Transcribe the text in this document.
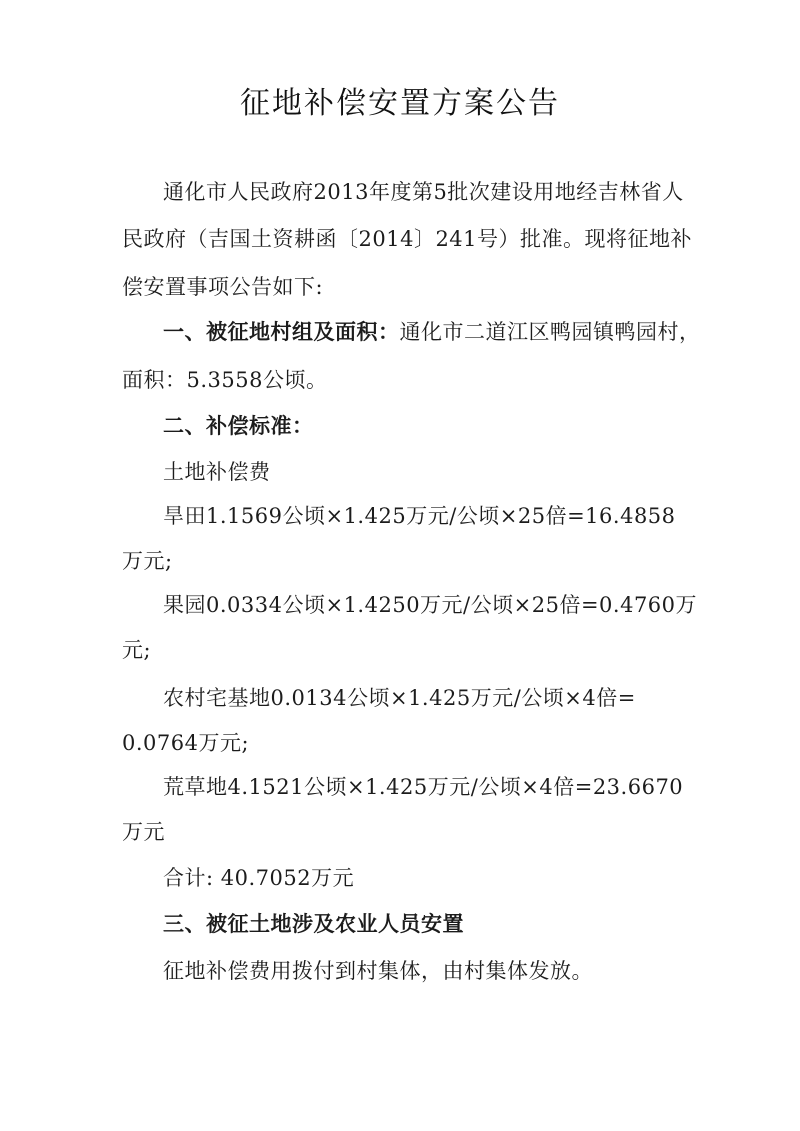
征地补偿安置方案公告
通化市人民政府2013年度第5批次建设用地经吉林省人
民政府（吉国土资耕函〔2014〕241号）批准。现将征地补
偿安置事项公告如下:
一、被征地村组及面积：通化市二道江区鸭园镇鸭园村，
面积：5.3558公顷。
二、补偿标准：
土地补偿费
旱田1.1569公顷×1.425万元/公顷×25倍=16.4858
万元;
果园0.0334公顷×1.4250万元/公顷×25倍=0.4760万
元;
农村宅基地0.0134公顷×1.425万元/公顷×4倍=
0.0764万元;
荒草地4.1521公顷×1.425万元/公顷×4倍=23.6670
万元
合计: 40.7052万元
三、被征土地涉及农业人员安置
征地补偿费用拨付到村集体，由村集体发放。
